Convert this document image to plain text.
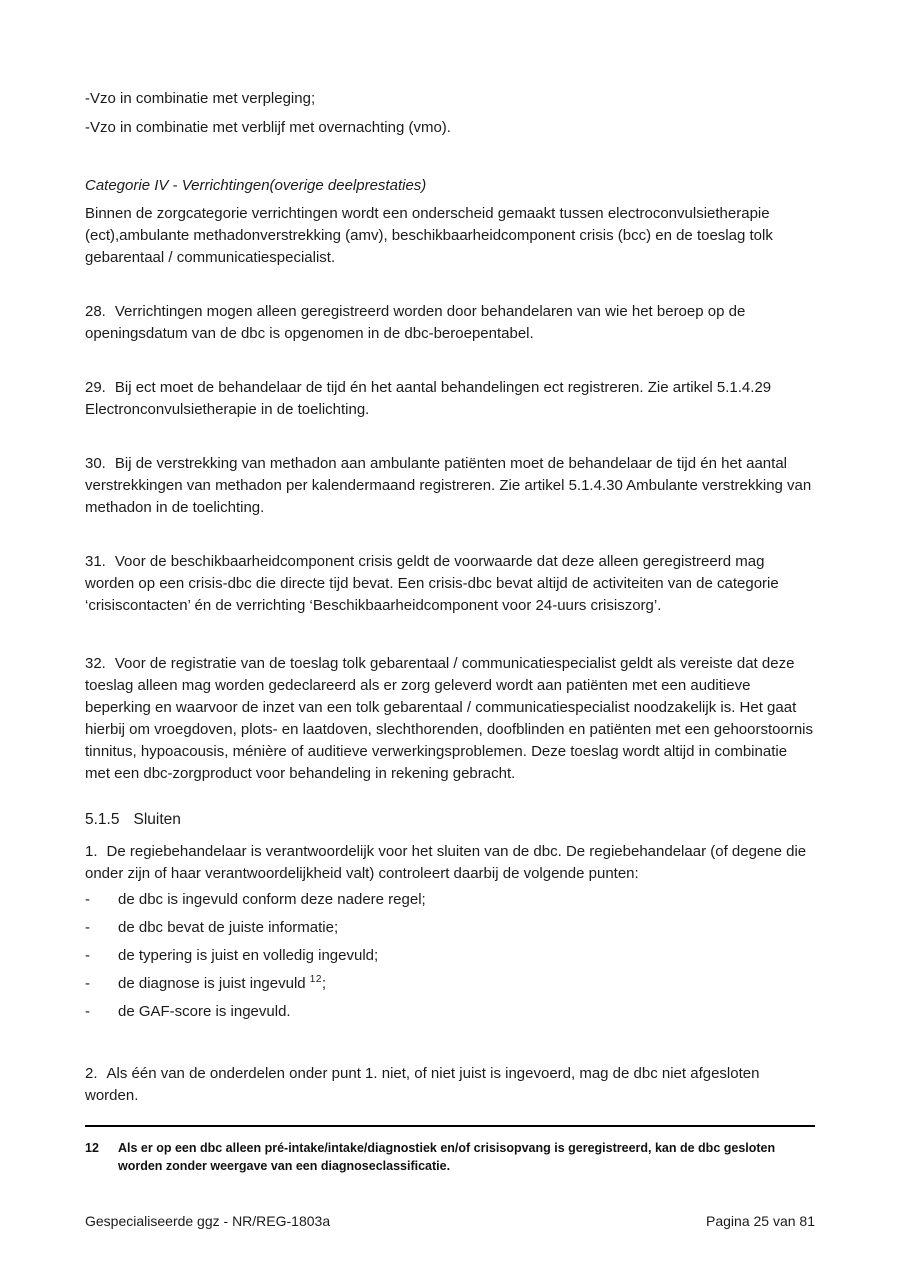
-Vzo in combinatie met verpleging;

-Vzo in combinatie met verblijf met overnachting (vmo).

Categorie IV - Verrichtingen(overige deelprestaties)

Binnen de zorgcategorie verrichtingen wordt een onderscheid gemaakt tussen electroconvulsietherapie (ect),ambulante methadonverstrekking (amv), beschikbaarheidcomponent crisis (bcc) en de toeslag tolk gebarentaal / communicatiespecialist.

28. Verrichtingen mogen alleen geregistreerd worden door behandelaren van wie het beroep op de openingsdatum van de dbc is opgenomen in de dbc-beroepentabel.

29. Bij ect moet de behandelaar de tijd én het aantal behandelingen ect registreren. Zie artikel 5.1.4.29 Electronconvulsietherapie in de toelichting.

30. Bij de verstrekking van methadon aan ambulante patiënten moet de behandelaar de tijd én het aantal verstrekkingen van methadon per kalendermaand registreren. Zie artikel 5.1.4.30 Ambulante verstrekking van methadon in de toelichting.

31. Voor de beschikbaarheidcomponent crisis geldt de voorwaarde dat deze alleen geregistreerd mag worden op een crisis-dbc die directe tijd bevat. Een crisis-dbc bevat altijd de activiteiten van de categorie ‘crisiscontacten’ én de verrichting ‘Beschikbaarheidcomponent voor 24-uurs crisiszorg’.

32. Voor de registratie van de toeslag tolk gebarentaal / communicatiespecialist geldt als vereiste dat deze toeslag alleen mag worden gedeclareerd als er zorg geleverd wordt aan patiënten met een auditieve beperking en waarvoor de inzet van een tolk gebarentaal / communicatiespecialist noodzakelijk is. Het gaat hierbij om vroegdoven, plots- en laatdoven, slechthorenden, doofblinden en patiënten met een gehoorstoornis tinnitus, hypoacousis, ménière of auditieve verwerkingsproblemen. Deze toeslag wordt altijd in combinatie met een dbc-zorgproduct voor behandeling in rekening gebracht.

5.1.5 Sluiten

1. De regiebehandelaar is verantwoordelijk voor het sluiten van de dbc. De regiebehandelaar (of degene die onder zijn of haar verantwoordelijkheid valt) controleert daarbij de volgende punten:

-	de dbc is ingevuld conform deze nadere regel;
-	de dbc bevat de juiste informatie;
-	de typering is juist en volledig ingevuld;
-	de diagnose is juist ingevuld $^{12}$;
-	de GAF-score is ingevuld.

2. Als één van de onderdelen onder punt 1. niet, of niet juist is ingevoerd, mag de dbc niet afgesloten worden.

12	Als er op een dbc alleen pré-intake/intake/diagnostiek en/of crisisopvang is geregistreerd, kan de dbc gesloten worden zonder weergave van een diagnoseclassificatie.
Gespecialiseerde ggz - NR/REG-1803a	Pagina 25 van 81
